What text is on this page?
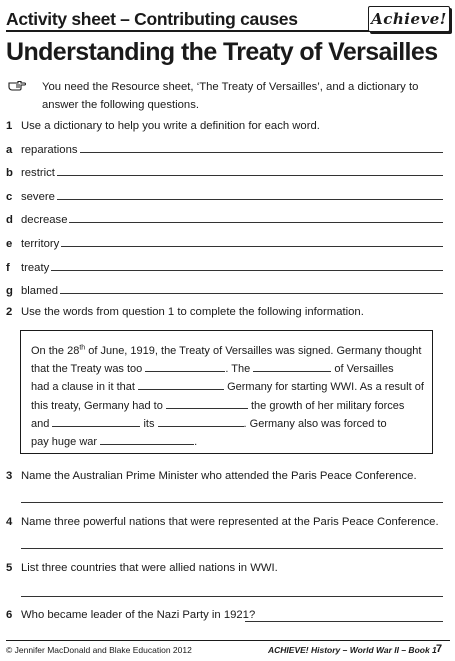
Activity sheet – Contributing causes	Achieve!
Understanding the Treaty of Versailles
You need the Resource sheet, ‘The Treaty of Versailles’, and a dictionary to answer the following questions.
1 Use a dictionary to help you write a definition for each word.
a reparations
b restrict
c severe
d decrease
e territory
f treaty
g blamed
2 Use the words from question 1 to complete the following information.
On the 28th of June, 1919, the Treaty of Versailles was signed. Germany thought
that the Treaty was too	. The	of Versailles
had a clause in it that	Germany for starting WWI. As a result of
this treaty, Germany had to	the growth of her military forces
and	its	. Germany also was forced to
pay huge war	.
3 Name the Australian Prime Minister who attended the Paris Peace Conference.
4 Name three powerful nations that were represented at the Paris Peace Conference.
5 List three countries that were allied nations in WWI.
6 Who became leader of the Nazi Party in 1921?
© Jennifer MacDonald and Blake Education 2012	ACHIEVE! History – World War II – Book 1 7
